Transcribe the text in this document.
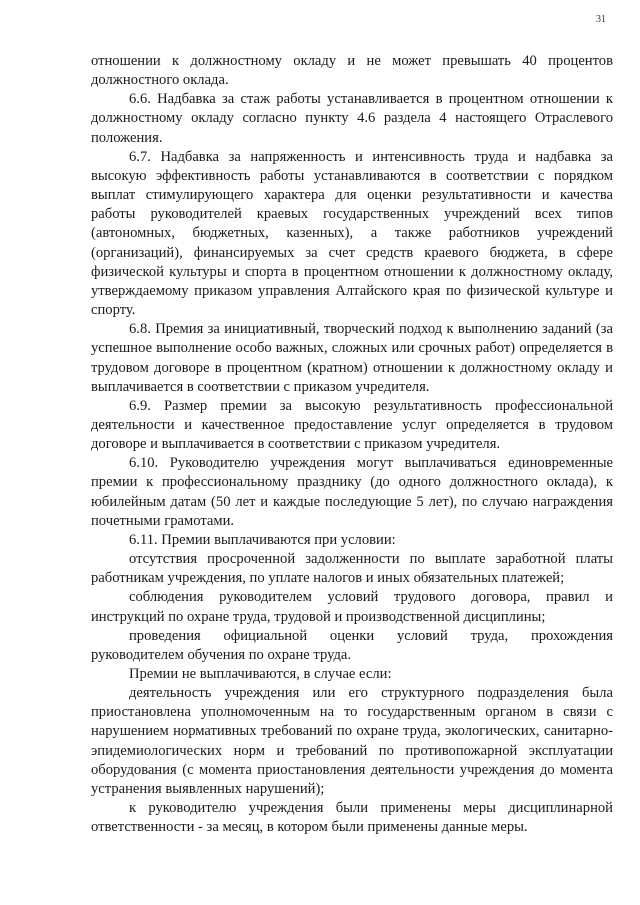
31

отношении к должностному окладу и не может превышать 40 процентов должностного оклада.

6.6. Надбавка за стаж работы устанавливается в процентном отношении к должностному окладу согласно пункту 4.6 раздела 4 настоящего Отраслевого положения.

6.7. Надбавка за напряженность и интенсивность труда и надбавка за высокую эффективность работы устанавливаются в соответствии с порядком выплат стимулирующего характера для оценки результативности и качества работы руководителей краевых государственных учреждений всех типов (автономных, бюджетных, казенных), а также работников учреждений (организаций), финансируемых за счет средств краевого бюджета, в сфере физической культуры и спорта в процентном отношении к должностному окладу, утверждаемому приказом управления Алтайского края по физической культуре и спорту.

6.8. Премия за инициативный, творческий подход к выполнению заданий (за успешное выполнение особо важных, сложных или срочных работ) определяется в трудовом договоре в процентном (кратном) отношении к должностному окладу и выплачивается в соответствии с приказом учредителя.

6.9. Размер премии за высокую результативность профессиональной деятельности и качественное предоставление услуг определяется в трудовом договоре и выплачивается в соответствии с приказом учредителя.

6.10. Руководителю учреждения могут выплачиваться единовременные премии к профессиональному празднику (до одного должностного оклада), к юбилейным датам (50 лет и каждые последующие 5 лет), по случаю награждения почетными грамотами.

6.11. Премии выплачиваются при условии:

отсутствия просроченной задолженности по выплате заработной платы работникам учреждения, по уплате налогов и иных обязательных платежей;

соблюдения руководителем условий трудового договора, правил и инструкций по охране труда, трудовой и производственной дисциплины;

проведения официальной оценки условий труда, прохождения руководителем обучения по охране труда.

Премии не выплачиваются, в случае если:

деятельность учреждения или его структурного подразделения была приостановлена уполномоченным на то государственным органом в связи с нарушением нормативных требований по охране труда, экологических, санитарно-эпидемиологических норм и требований по противопожарной эксплуатации оборудования (с момента приостановления деятельности учреждения до момента устранения выявленных нарушений);

к руководителю учреждения были применены меры дисциплинарной ответственности - за месяц, в котором были применены данные меры.
